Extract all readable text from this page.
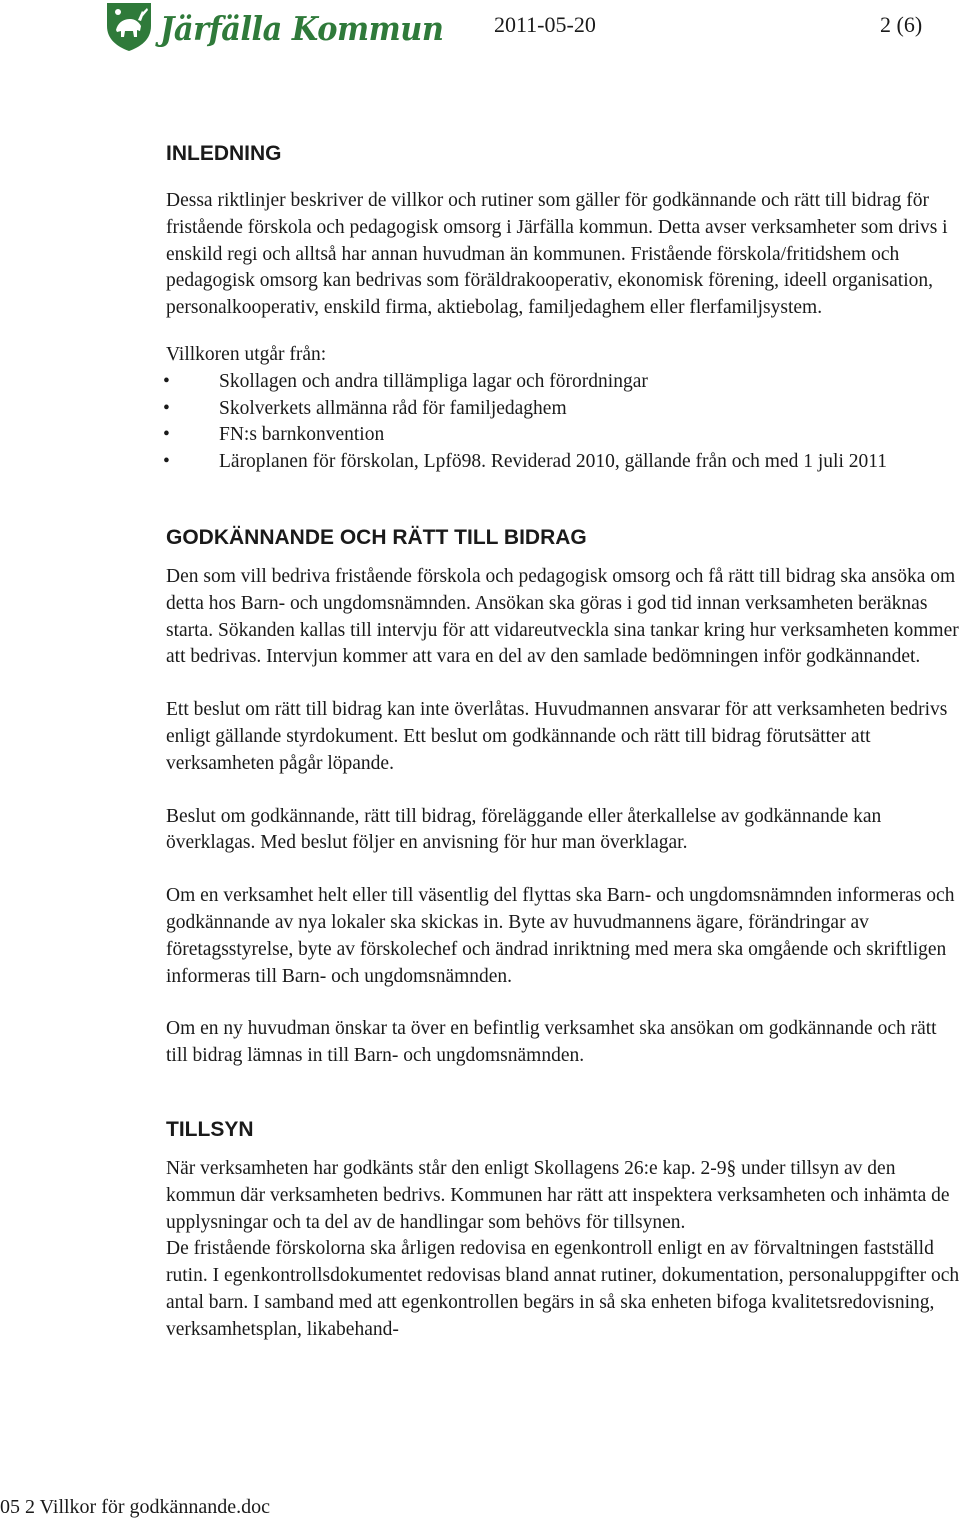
Järfälla Kommun 2011-05-20	2 (6)
INLEDNING

Dessa riktlinjer beskriver de villkor och rutiner som gäller för godkännande och rätt till bidrag för fristående förskola och pedagogisk omsorg i Järfälla kommun. Detta avser verksamheter som drivs i enskild regi och alltså har annan huvudman än kommunen. Fristående förskola/fritidshem och pedagogisk omsorg kan bedrivas som föräldrakooperativ, ekonomisk förening, ideell organisation, personalkooperativ, enskild firma, aktiebolag, familjedaghem eller flerfamiljsystem.

Villkoren utgår från:

•	Skollagen och andra tillämpliga lagar och förordningar
•	Skolverkets allmänna råd för familjedaghem
•	FN:s barnkonvention
•	Läroplanen för förskolan, Lpfö98. Reviderad 2010, gällande från och med 1 juli 2011
GODKÄNNANDE OCH RÄTT TILL BIDRAG

Den som vill bedriva fristående förskola och pedagogisk omsorg och få rätt till bidrag ska ansöka om detta hos Barn- och ungdomsnämnden. Ansökan ska göras i god tid innan verksamheten beräknas starta. Sökanden kallas till intervju för att vidareutveckla sina tankar kring hur verksamheten kommer att bedrivas. Intervjun kommer att vara en del av den samlade bedömningen inför godkännandet.

Ett beslut om rätt till bidrag kan inte överlåtas. Huvudmannen ansvarar för att verksamheten bedrivs enligt gällande styrdokument. Ett beslut om godkännande och rätt till bidrag förutsätter att verksamheten pågår löpande.

Beslut om godkännande, rätt till bidrag, föreläggande eller återkallelse av godkännande kan överklagas. Med beslut följer en anvisning för hur man överklagar.

Om en verksamhet helt eller till väsentlig del flyttas ska Barn- och ungdomsnämnden informeras och godkännande av nya lokaler ska skickas in. Byte av huvudmannens ägare, förändringar av företagsstyrelse, byte av förskolechef och ändrad inriktning med mera ska omgående och skriftligen informeras till Barn- och ungdomsnämnden.

Om en ny huvudman önskar ta över en befintlig verksamhet ska ansökan om godkännande och rätt till bidrag lämnas in till Barn- och ungdomsnämnden.

TILLSYN

När verksamheten har godkänts står den enligt Skollagens 26:e kap. 2-9§ under tillsyn av den kommun där verksamheten bedrivs. Kommunen har rätt att inspektera verksamheten och inhämta de upplysningar och ta del av de handlingar som behövs för tillsynen.

De fristående förskolorna ska årligen redovisa en egenkontroll enligt en av förvaltningen fastställd rutin. I egenkontrollsdokumentet redovisas bland annat rutiner, dokumentation, personaluppgifter och antal barn. I samband med att egenkontrollen begärs in så ska enheten bifoga kvalitetsredovisning, verksamhetsplan, likabehand-

05 2 Villkor för godkännande.doc
